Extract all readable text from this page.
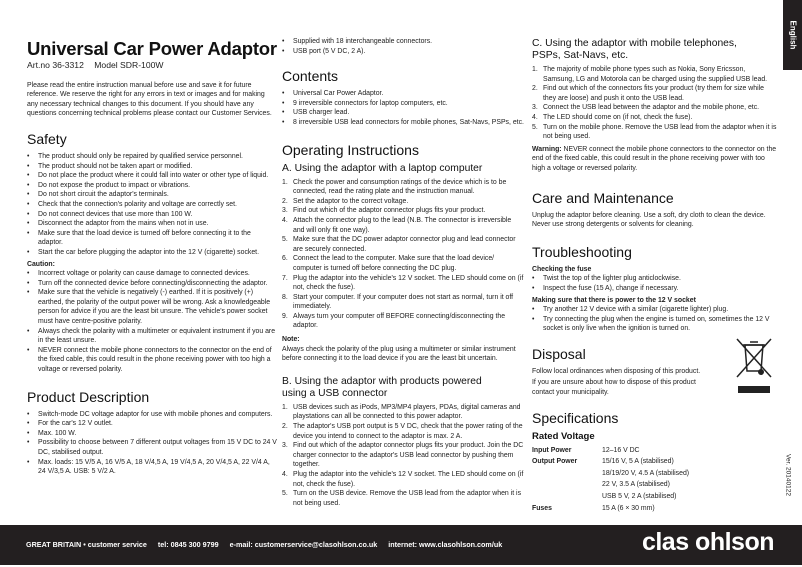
Universal Car Power Adaptor
Art.no 36-3312 Model SDR-100W

Please read the entire instruction manual before use and save it for future reference. We reserve the right for any errors in text or images and for making any necessary technical changes to this document. If you should have any questions concerning technical problems please contact our Customer Services.

Safety
• The product should only be repaired by qualified service personnel.
• The product should not be taken apart or modified.
• Do not place the product where it could fall into water or other type of liquid.
• Do not expose the product to impact or vibrations.
• Do not short circuit the adaptor's terminals.
• Check that the connection's polarity and voltage are correctly set.
• Do not connect devices that use more than 100 W.
• Disconnect the adaptor from the mains when not in use.
• Make sure that the load device is turned off before connecting it to the adaptor.
• Start the car before plugging the adaptor into the 12 V (cigarette) socket.
Caution:
• Incorrect voltage or polarity can cause damage to connected devices.
• Turn off the connected device before connecting/disconnecting the adaptor.
• Make sure that the vehicle is negatively (-) earthed. If it is positively (+) earthed, the polarity of the output power will be wrong. Ask a knowledgeable person for advice if you are the least bit unsure. The vehicle's power socket must have centre-positive polarity.
• Always check the polarity with a multimeter or equivalent instrument if you are in the least unsure.
• NEVER connect the mobile phone connectors to the connector on the end of the fixed cable, this could result in the phone receiving power with too high a voltage or reversed polarity.
Product Description
• Switch-mode DC voltage adaptor for use with mobile phones and computers.
• For the car's 12 V outlet.
• Max. 100 W.
• Possibility to choose between 7 different output voltages from 15 V DC to 24 V DC, stabilised output.
• Max. loads: 15 V/5 A, 16 V/5 A, 18 V/4,5 A, 19 V/4,5 A, 20 V/4,5 A, 22 V/4 A, 24 V/3,5 A. USB: 5 V/2 A.
• Supplied with 18 interchangeable connectors.
• USB port (5 V DC, 2 A).
Contents
• Universal Car Power Adaptor.
• 9 irreversible connectors for laptop computers, etc.
• USB charger lead.
• 8 irreversible USB lead connectors for mobile phones, Sat-Navs, PSPs, etc.
Operating Instructions
A. Using the adaptor with a laptop computer
1. Check the power and consumption ratings of the device which is to be connected, read the rating plate and the instruction manual.
2. Set the adaptor to the correct voltage.
3. Find out which of the adaptor connector plugs fits your product.
4. Attach the connector plug to the lead (N.B. The connector is irreversible and will only fit one way).
5. Make sure that the DC power adaptor connector plug and lead connector are securely connected.
6. Connect the lead to the computer. Make sure that the load device/ computer is turned off before connecting the DC plug.
7. Plug the adaptor into the vehicle's 12 V socket. The LED should come on (if not, check the fuse).
8. Start your computer. If your computer does not start as normal, turn it off immediately.
9. Always turn your computer off BEFORE connecting/disconnecting the adaptor.
Note:

Always check the polarity of the plug using a multimeter or similar instrument before connecting it to the load device if you are the least bit uncertain.

B. Using the adaptor with products powered using a USB connector
1. USB devices such as iPods, MP3/MP4 players, PDAs, digital cameras and playstations can all be connected to this power adaptor.
2. The adaptor's USB port output is 5 V DC, check that the power rating of the device you intend to connect to the adaptor is max. 2 A.
3. Find out which of the adaptor connector plugs fits your product. Join the DC charger connector to the adaptor's USB lead connector by pushing them together.
4. Plug the adaptor into the vehicle's 12 V socket. The LED should come on (if not, check the fuse).
5. Turn on the USB device. Remove the USB lead from the adaptor when it is not being used.
C. Using the adaptor with mobile telephones, PSPs, Sat-Navs, etc.
1. The majority of mobile phone types such as Nokia, Sony Ericsson, Samsung, LG and Motorola can be charged using the supplied USB lead.
2. Find out which of the connectors fits your product (try them for size while they are loose) and push it onto the USB lead.
3. Connect the USB lead between the adaptor and the mobile phone, etc.
4. The LED should come on (if not, check the fuse).
5. Turn on the mobile phone. Remove the USB lead from the adaptor when it is not being used.

Warning: NEVER connect the mobile phone connectors to the connector on the end of the fixed cable, this could result in the phone receiving power with too high a voltage or reversed polarity.

Care and Maintenance

Unplug the adaptor before cleaning. Use a soft, dry cloth to clean the device. Never use strong detergents or solvents for cleaning.

Troubleshooting
Checking the fuse
• Twist the top of the lighter plug anticlockwise.
• Inspect the fuse (15 A), change if necessary.
Making sure that there is power to the 12 V socket
• Try another 12 V device with a similar (cigarette lighter) plug.
• Try connecting the plug when the engine is turned on, sometimes the 12 V socket is only live when the ignition is turned on.
Disposal

Follow local ordinances when disposing of this product.

If you are unsure about how to dispose of this product contact your municipality.

Specifications
Rated Voltage
Input Power	12–16 V DC
Output Power	15/16 V, 5 A (stabilised)
18/19/20 V, 4.5 A (stabilised)
22 V, 3.5 A (stabilised)
USB 5 V, 2 A (stabilised)
Fuses	15 A (6 × 30 mm)
English
Ver. 20140122
GREAT BRITAIN • customer service tel: 0845 300 9799 e-mail: customerservice@clasohlson.co.uk internet: www.clasohlson.com/uk	clas ohlson
